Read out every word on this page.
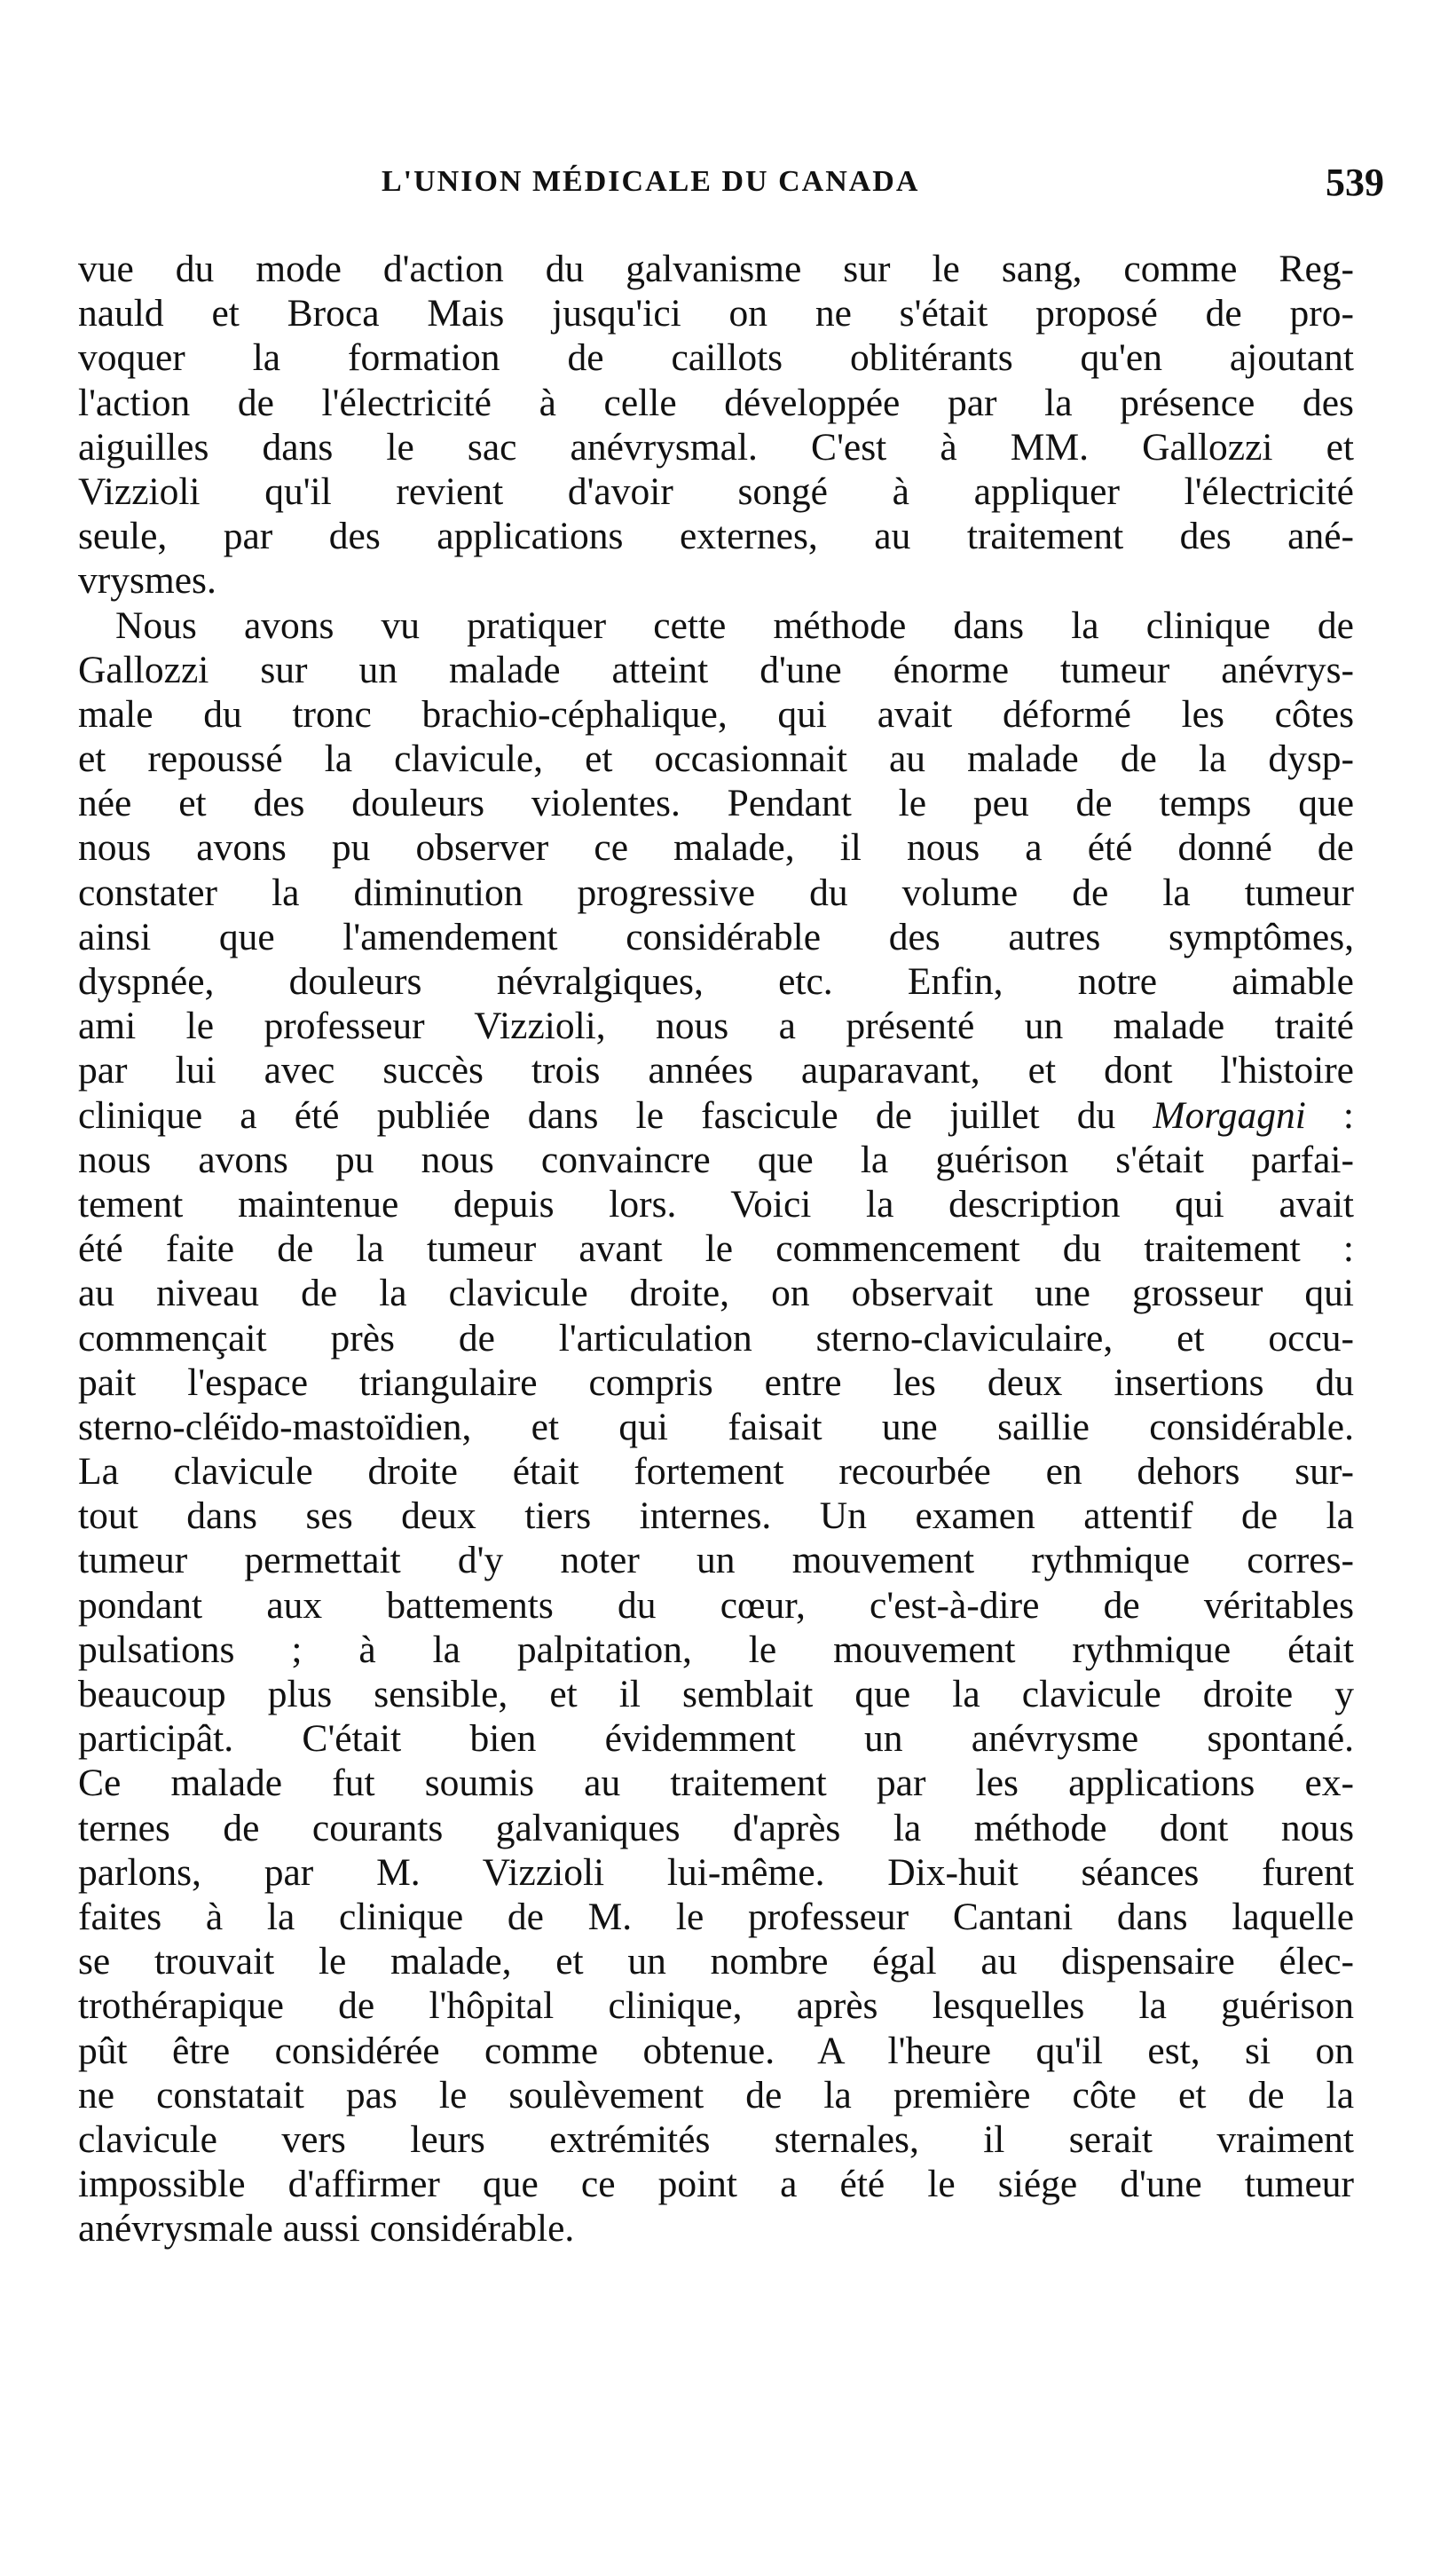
L'UNION MÉDICALE DU CANADA	539
vue du mode d'action du galvanisme sur le sang, comme Reg-
nauld et Broca Mais jusqu'ici on ne s'était proposé de pro-
voquer la formation de caillots oblitérants qu'en ajoutant
l'action de l'électricité à celle développée par la présence des
aiguilles dans le sac anévrysmal. C'est à MM. Gallozzi et
Vizzioli qu'il revient d'avoir songé à appliquer l'électricité
seule, par des applications externes, au traitement des ané-
vrysmes.
Nous avons vu pratiquer cette méthode dans la clinique de
Gallozzi sur un malade atteint d'une énorme tumeur anévrys-
male du tronc brachio-céphalique, qui avait déformé les côtes
et repoussé la clavicule, et occasionnait au malade de la dysp-
née et des douleurs violentes. Pendant le peu de temps que
nous avons pu observer ce malade, il nous a été donné de
constater la diminution progressive du volume de la tumeur
ainsi que l'amendement considérable des autres symptômes,
dyspnée, douleurs névralgiques, etc. Enfin, notre aimable
ami le professeur Vizzioli, nous a présenté un malade traité
par lui avec succès trois années auparavant, et dont l'histoire
clinique a été publiée dans le fascicule de juillet du Morgagni :
nous avons pu nous convaincre que la guérison s'était parfai-
tement maintenue depuis lors. Voici la description qui avait
été faite de la tumeur avant le commencement du traitement :
au niveau de la clavicule droite, on observait une grosseur qui
commençait près de l'articulation sterno-claviculaire, et occu-
pait l'espace triangulaire compris entre les deux insertions du
sterno-cléïdo-mastoïdien, et qui faisait une saillie considérable.
La clavicule droite était fortement recourbée en dehors sur-
tout dans ses deux tiers internes. Un examen attentif de la
tumeur permettait d'y noter un mouvement rythmique corres-
pondant aux battements du cœur, c'est-à-dire de véritables
pulsations ; à la palpitation, le mouvement rythmique était
beaucoup plus sensible, et il semblait que la clavicule droite y
participât. C'était bien évidemment un anévrysme spontané.
Ce malade fut soumis au traitement par les applications ex-
ternes de courants galvaniques d'après la méthode dont nous
parlons, par M. Vizzioli lui-même. Dix-huit séances furent
faites à la clinique de M. le professeur Cantani dans laquelle
se trouvait le malade, et un nombre égal au dispensaire élec-
trothérapique de l'hôpital clinique, après lesquelles la guérison
pût être considérée comme obtenue. A l'heure qu'il est, si on
ne constatait pas le soulèvement de la première côte et de la
clavicule vers leurs extrémités sternales, il serait vraiment
impossible d'affirmer que ce point a été le siége d'une tumeur
anévrysmale aussi considérable.
